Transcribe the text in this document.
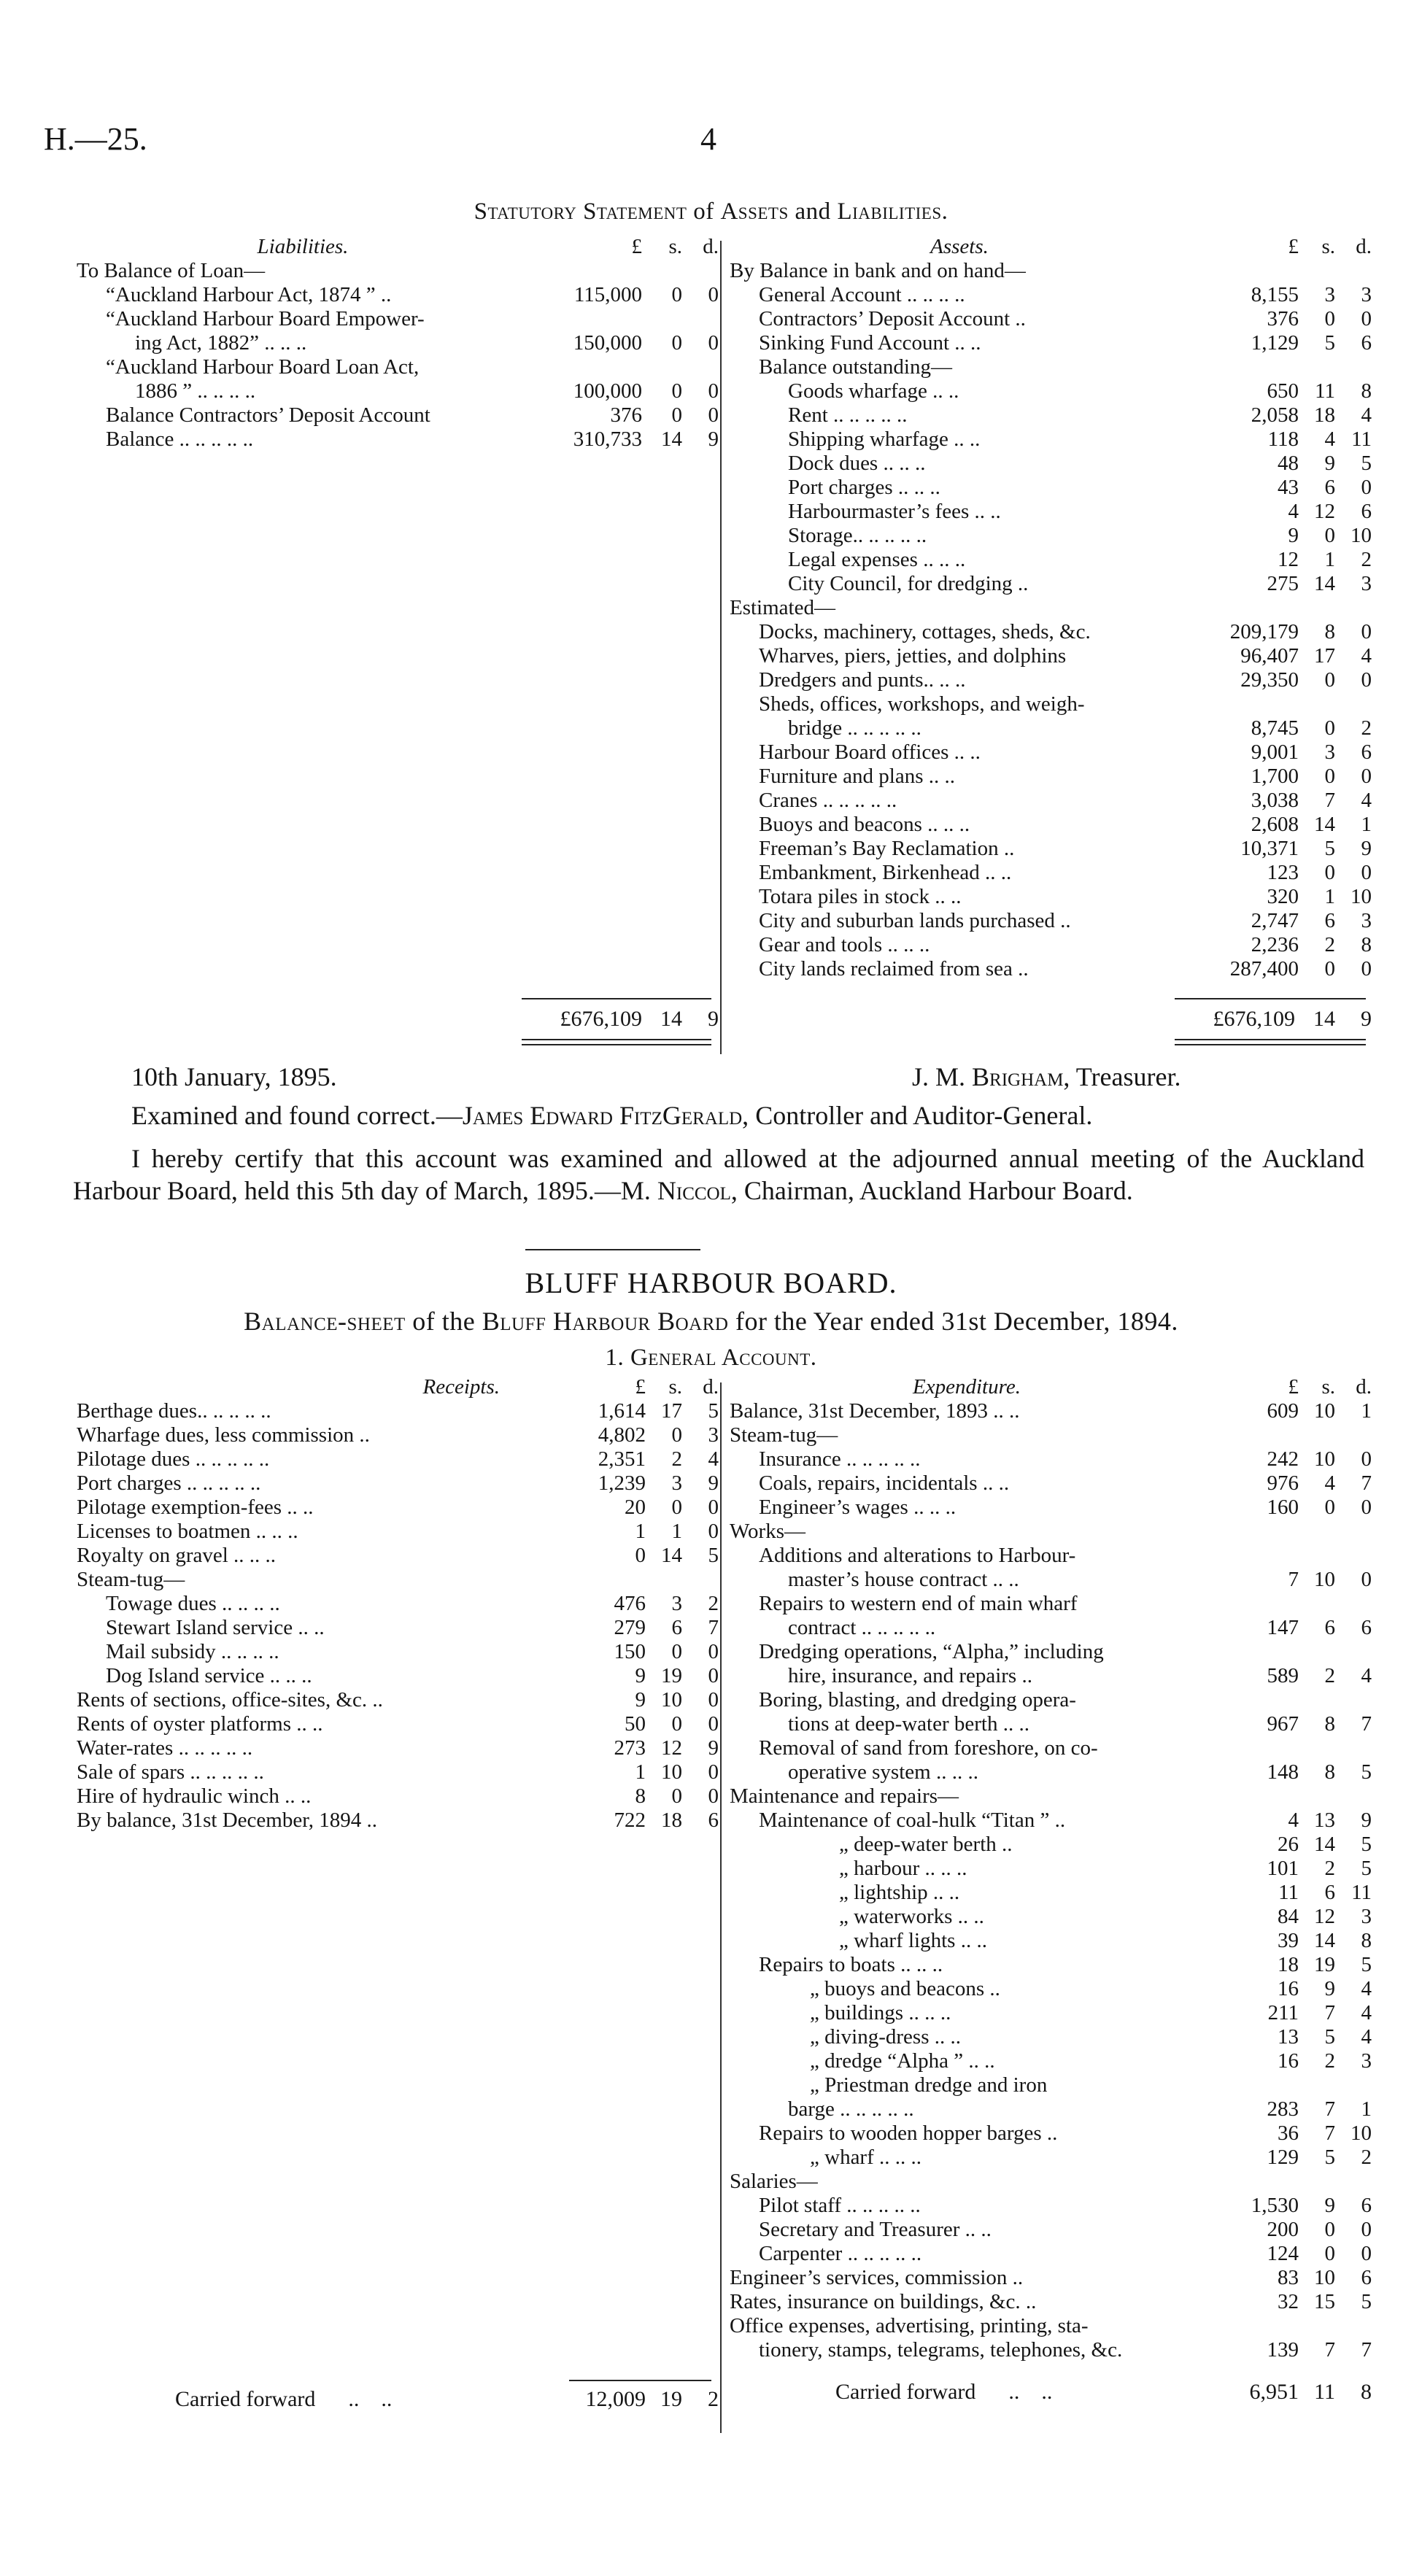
H.—25.	4
Statutory Statement of Assets and Liabilities.
Liabilities.	£	s.	d.
To Balance of Loan—			
“Auckland Harbour Act, 1874 ” ..	115,000	0	0
“Auckland Harbour Board Empower-			
ing Act, 1882” .. .. ..	150,000	0	0
“Auckland Harbour Board Loan Act,			
1886 ” .. .. .. ..	100,000	0	0
Balance Contractors’ Deposit Account	376	0	0
Balance .. .. .. .. ..	310,733	14	9
Assets.	£	s.	d.
By Balance in bank and on hand—			
General Account .. .. .. ..	8,155	3	3
Contractors’ Deposit Account ..	376	0	0
Sinking Fund Account .. ..	1,129	5	6
Balance outstanding—			
Goods wharfage .. ..	650	11	8
Rent .. .. .. .. ..	2,058	18	4
Shipping wharfage .. ..	118	4	11
Dock dues .. .. ..	48	9	5
Port charges .. .. ..	43	6	0
Harbourmaster’s fees .. ..	4	12	6
Storage.. .. .. .. ..	9	0	10
Legal expenses .. .. ..	12	1	2
City Council, for dredging ..	275	14	3
Estimated—			
Docks, machinery, cottages, sheds, &c.	209,179	8	0
Wharves, piers, jetties, and dolphins	96,407	17	4
Dredgers and punts.. .. ..	29,350	0	0
Sheds, offices, workshops, and weigh-			
bridge .. .. .. .. ..	8,745	0	2
Harbour Board offices .. ..	9,001	3	6
Furniture and plans .. ..	1,700	0	0
Cranes .. .. .. .. ..	3,038	7	4
Buoys and beacons .. .. ..	2,608	14	1
Freeman’s Bay Reclamation ..	10,371	5	9
Embankment, Birkenhead .. ..	123	0	0
Totara piles in stock .. ..	320	1	10
City and suburban lands purchased ..	2,747	6	3
Gear and tools .. .. ..	2,236	2	8
City lands reclaimed from sea ..	287,400	0	0
£676,109	14	9	£676,109	14	9
10th January, 1895.	J. M. Brigham, Treasurer.
Examined and found correct.—James Edward FitzGerald, Controller and Auditor-General.
I hereby certify that this account was examined and allowed at the adjourned annual meeting of the Auckland Harbour Board, held this 5th day of March, 1895.—M. Niccol, Chairman, Auckland Harbour Board.
BLUFF HARBOUR BOARD.
Balance-sheet of the Bluff Harbour Board for the Year ended 31st December, 1894.
1. General Account.
Receipts.	£	s.	d.
Berthage dues.. .. .. .. ..	1,614	17	5
Wharfage dues, less commission ..	4,802	0	3
Pilotage dues .. .. .. .. ..	2,351	2	4
Port charges .. .. .. .. ..	1,239	3	9
Pilotage exemption-fees .. ..	20	0	0
Licenses to boatmen .. .. ..	1	1	0
Royalty on gravel .. .. ..	0	14	5
Steam-tug—			
Towage dues .. .. .. ..	476	3	2
Stewart Island service .. ..	279	6	7
Mail subsidy .. .. .. ..	150	0	0
Dog Island service .. .. ..	9	19	0
Rents of sections, office-sites, &c. ..	9	10	0
Rents of oyster platforms .. ..	50	0	0
Water-rates .. .. .. .. ..	273	12	9
Sale of spars .. .. .. .. ..	1	10	0
Hire of hydraulic winch .. ..	8	0	0
By balance, 31st December, 1894 ..	722	18	6
Expenditure.	£	s.	d.
Balance, 31st December, 1893 .. ..	609	10	1
Steam-tug—			
Insurance .. .. .. .. ..	242	10	0
Coals, repairs, incidentals .. ..	976	4	7
Engineer’s wages .. .. ..	160	0	0
Works—			
Additions and alterations to Harbour-			
master’s house contract .. ..	7	10	0
Repairs to western end of main wharf			
contract .. .. .. .. ..	147	6	6
Dredging operations, “Alpha,” including			
hire, insurance, and repairs ..	589	2	4
Boring, blasting, and dredging opera-			
tions at deep-water berth .. ..	967	8	7
Removal of sand from foreshore, on co-			
operative system .. .. ..	148	8	5
Maintenance and repairs—			
Maintenance of coal-hulk “Titan ” ..	4	13	9
„ deep-water berth ..	26	14	5
„ harbour .. .. ..	101	2	5
„ lightship .. ..	11	6	11
„ waterworks .. ..	84	12	3
„ wharf lights .. ..	39	14	8
Repairs to boats .. .. ..	18	19	5
„ buoys and beacons ..	16	9	4
„ buildings .. .. ..	211	7	4
„ diving-dress .. ..	13	5	4
„ dredge “Alpha ” .. ..	16	2	3
„ Priestman dredge and iron			
barge .. .. .. .. ..	283	7	1
Repairs to wooden hopper barges ..	36	7	10
„ wharf .. .. ..	129	5	2
Salaries—			
Pilot staff .. .. .. .. ..	1,530	9	6
Secretary and Treasurer .. ..	200	0	0
Carpenter .. .. .. .. ..	124	0	0
Engineer’s services, commission ..	83	10	6
Rates, insurance on buildings, &c. ..	32	15	5
Office expenses, advertising, printing, sta-			
tionery, stamps, telegrams, telephones, &c.	139	7	7
Carried forward      ..    ..	12,009	19	2	Carried forward      ..    ..	6,951	11	8
